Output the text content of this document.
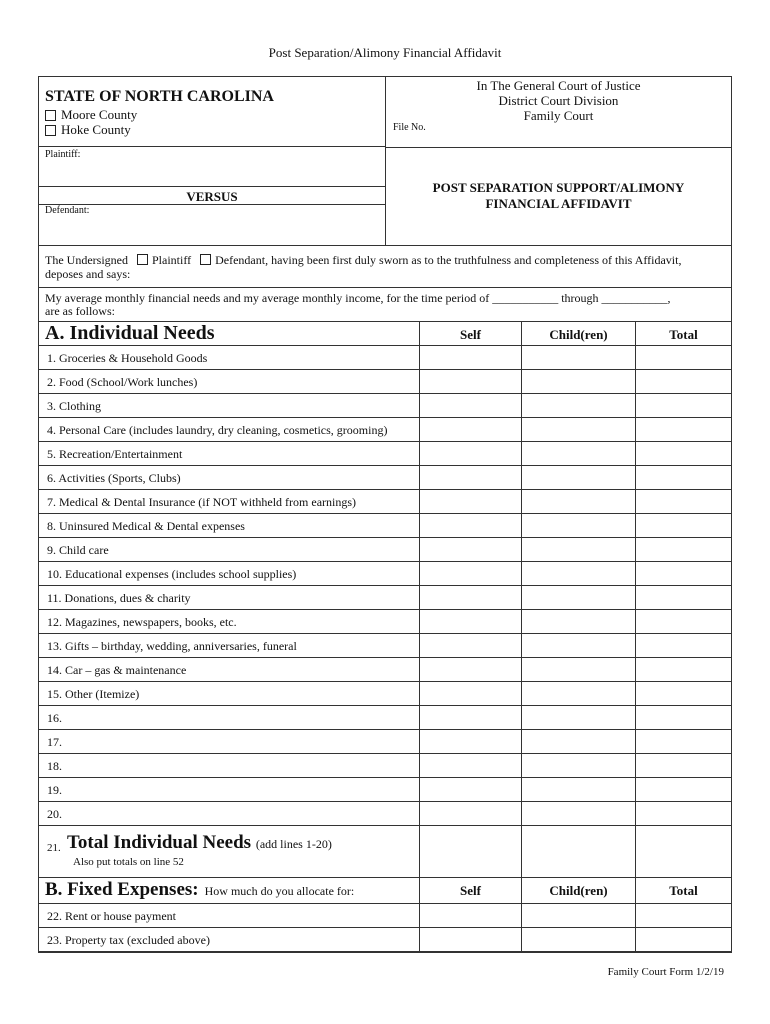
Post Separation/Alimony Financial Affidavit
STATE OF NORTH CAROLINA
Moore County
Hoke County
In The General Court of Justice
District Court Division
Family Court
File No.
Plaintiff:
VERSUS
Defendant:
POST SEPARATION SUPPORT/ALIMONY
FINANCIAL AFFIDAVIT
The Undersigned Plaintiff Defendant, having been first duly sworn as to the truthfulness and completeness of this Affidavit,
deposes and says:
My average monthly financial needs and my average monthly income, for the time period of ___________ through ___________,
are as follows:
A. Individual Needs	Self	Child(ren)	Total
1. Groceries & Household Goods
2. Food (School/Work lunches)
3. Clothing
4. Personal Care (includes laundry, dry cleaning, cosmetics, grooming)
5. Recreation/Entertainment
6. Activities (Sports, Clubs)
7. Medical & Dental Insurance (if NOT withheld from earnings)
8. Uninsured Medical & Dental expenses
9. Child care
10. Educational expenses (includes school supplies)
11. Donations, dues & charity
12. Magazines, newspapers, books, etc.
13. Gifts – birthday, wedding, anniversaries, funeral
14. Car – gas & maintenance
15. Other (Itemize)
16.
17.
18.
19.
20.
21. Total Individual Needs (add lines 1-20)
Also put totals on line 52
B. Fixed Expenses: How much do you allocate for:	Self	Child(ren)	Total
22. Rent or house payment
23. Property tax (excluded above)
Family Court Form 1/2/19
